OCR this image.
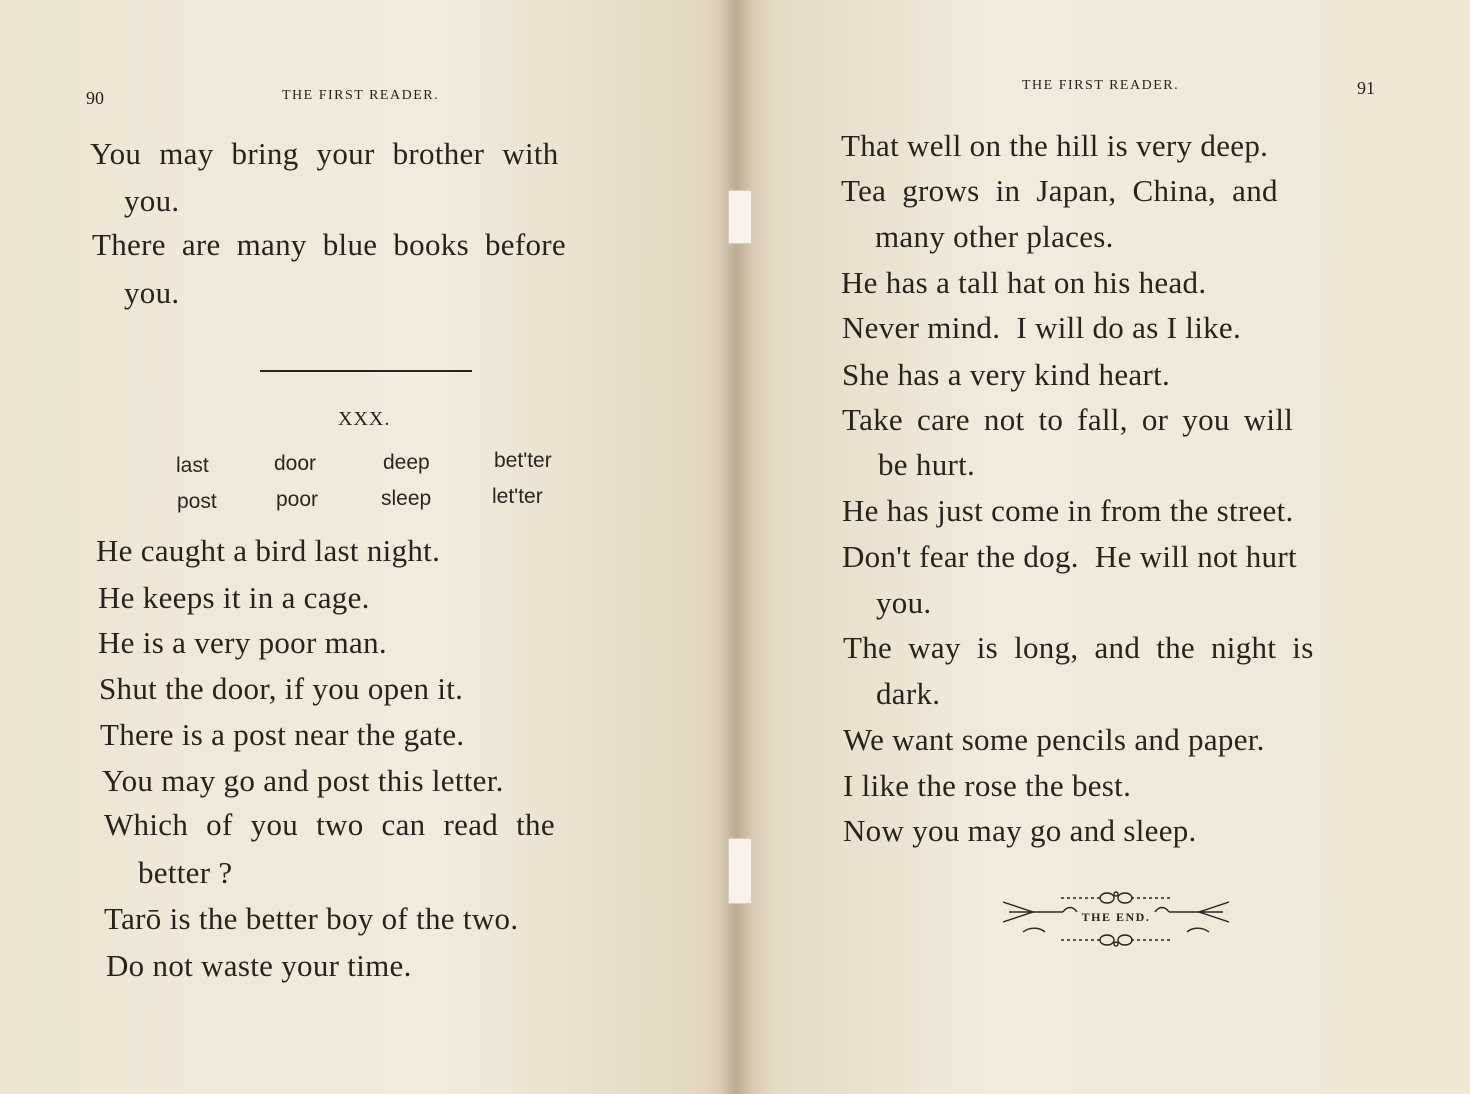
90	THE FIRST READER.
You may bring your brother with
you.
There are many blue books before
you.
XXX.
last	door	deep	bet'ter
post	poor	sleep	let'ter
He caught a bird last night.
He keeps it in a cage.
He is a very poor man.
Shut the door, if you open it.
There is a post near the gate.
You may go and post this letter.
Which of you two can read the
better ?
Tarō is the better boy of the two.
Do not waste your time.
THE FIRST READER.	91
That well on the hill is very deep.
Tea grows in Japan, China, and
many other places.
He has a tall hat on his head.
Never mind.  I will do as I like.
She has a very kind heart.
Take care not to fall, or you will
be hurt.
He has just come in from the street.
Don't fear the dog.  He will not hurt
you.
The way is long, and the night is
dark.
We want some pencils and paper.
I like the rose the best.
Now you may go and sleep.
THE END.
